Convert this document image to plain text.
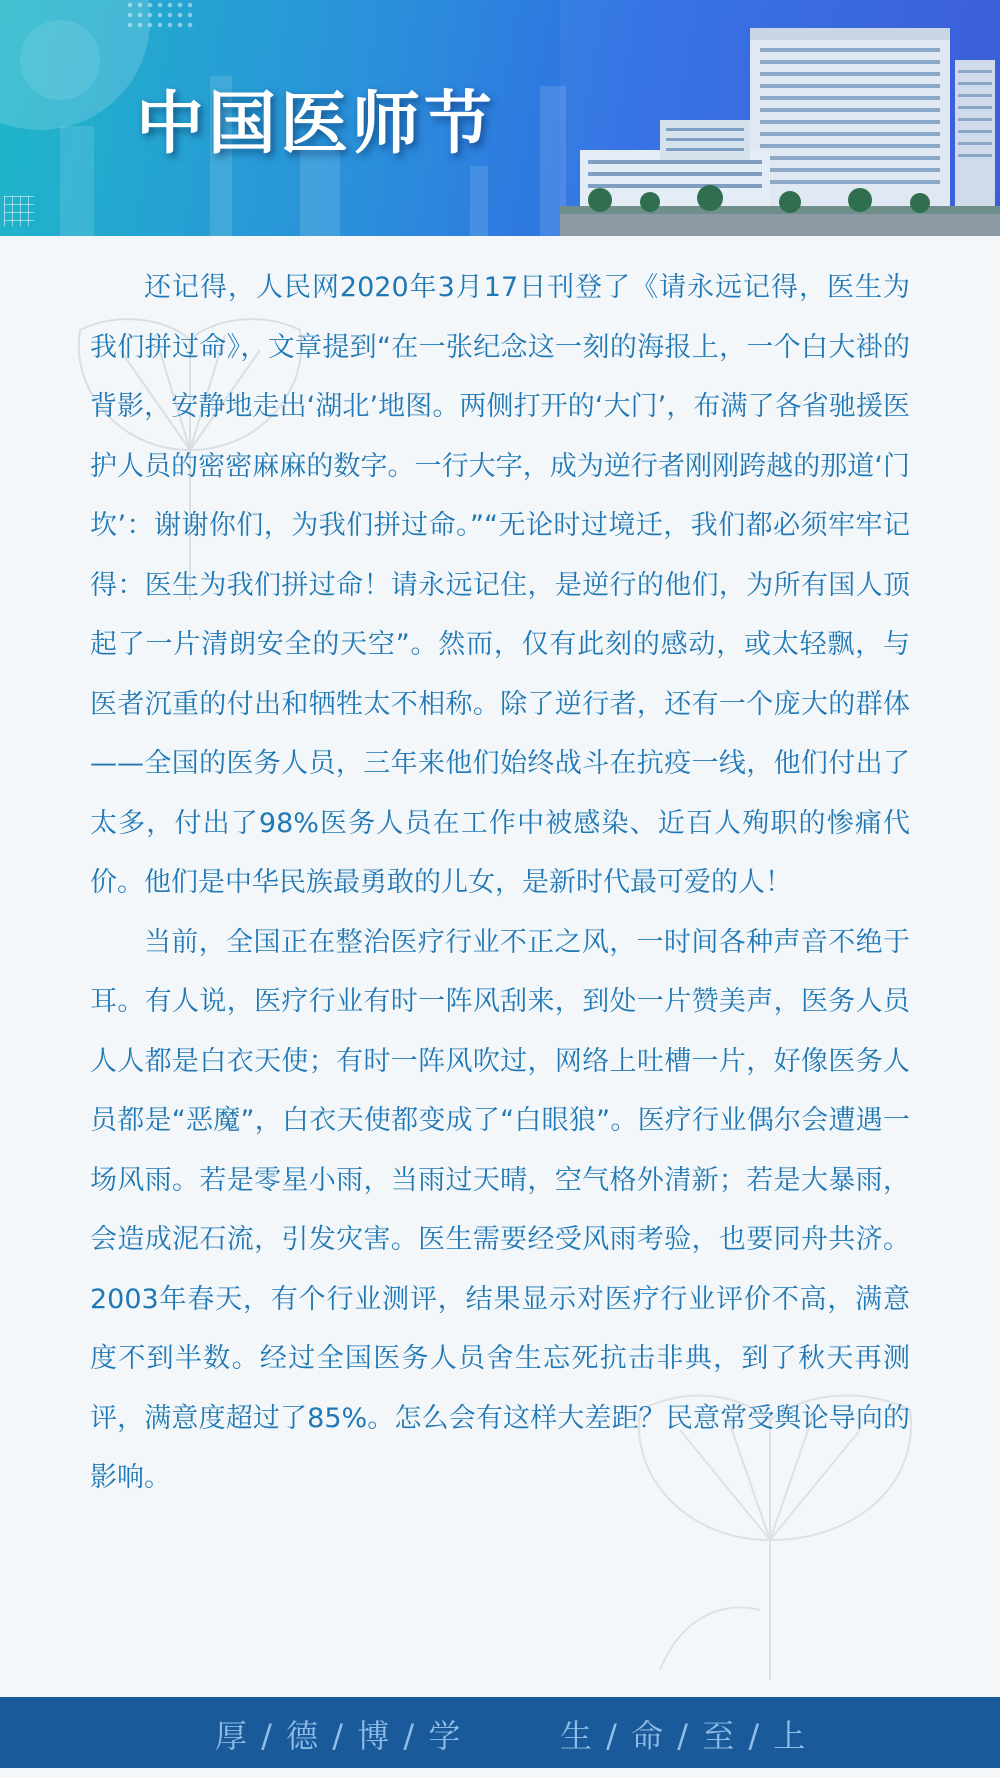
中国医师节

还记得，人民网2020年3月17日刊登了《请永远记得，医生为我们拼过命》，文章提到“在一张纪念这一刻的海报上，一个白大褂的背影，安静地走出‘湖北’地图。两侧打开的‘大门’，布满了各省驰援医护人员的密密麻麻的数字。一行大字，成为逆行者刚刚跨越的那道‘门坎’：谢谢你们，为我们拼过命。”“无论时过境迁，我们都必须牢牢记得：医生为我们拼过命！请永远记住，是逆行的他们，为所有国人顶起了一片清朗安全的天空”。然而，仅有此刻的感动，或太轻飘，与医者沉重的付出和牺牲太不相称。除了逆行者，还有一个庞大的群体——全国的医务人员，三年来他们始终战斗在抗疫一线，他们付出了太多，付出了98%医务人员在工作中被感染、近百人殉职的惨痛代价。他们是中华民族最勇敢的儿女，是新时代最可爱的人！

当前，全国正在整治医疗行业不正之风，一时间各种声音不绝于耳。有人说，医疗行业有时一阵风刮来，到处一片赞美声，医务人员人人都是白衣天使；有时一阵风吹过，网络上吐槽一片，好像医务人员都是“恶魔”，白衣天使都变成了“白眼狼”。医疗行业偶尔会遭遇一场风雨。若是零星小雨，当雨过天晴，空气格外清新；若是大暴雨，会造成泥石流，引发灾害。医生需要经受风雨考验，也要同舟共济。2003年春天，有个行业测评，结果显示对医疗行业评价不高，满意度不到半数。经过全国医务人员舍生忘死抗击非典，到了秋天再测评，满意度超过了85%。怎么会有这样大差距？民意常受舆论导向的影响。

厚 / 德 / 博 / 学	生 / 命 / 至 / 上
